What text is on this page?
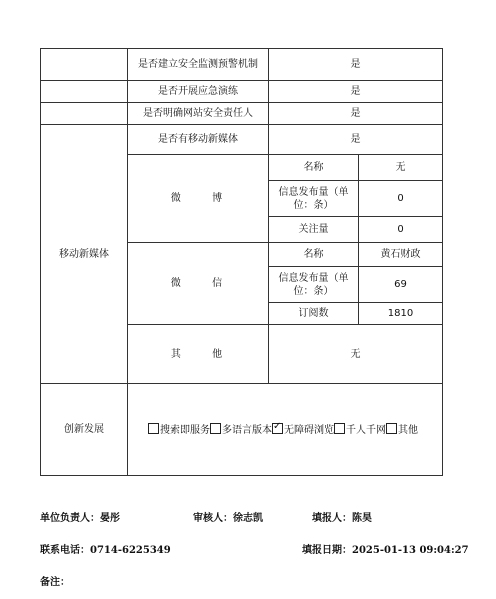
	是否建立安全监测预警机制	是	
	是否开展应急演练	是	
	是否明确网站安全责任人	是	
移动新媒体	是否有移动新媒体	是	
	微 博	名称	无
		信息发布量（单位：条）	0
		关注量	0
	微 信	名称	黄石财政
		信息发布量（单位：条）	69
		订阅数	1810
	其 他	无	
创新发展	搜索即服务 多语言版本 ✓ 无障碍浏览 千人千网 其他
单位负责人：晏彤	审核人：徐志凯	填报人：陈昊
联系电话：0714-6225349	填报日期：2025-01-13 09:04:27
备注：
